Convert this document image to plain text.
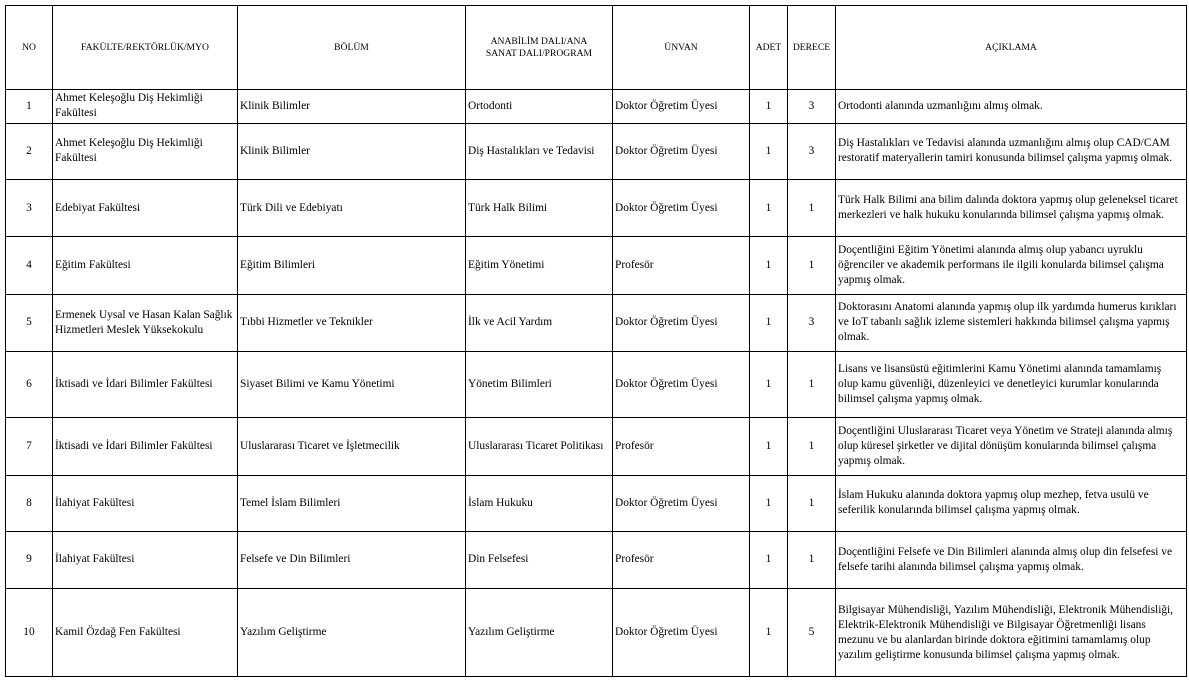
NO	FAKÜLTE/REKTÖRLÜK/MYO	BÖLÜM	ANABİLİM DALI/ANA SANAT DALI/PROGRAM	ÜNVAN	ADET	DERECE	AÇIKLAMA
1	Ahmet Keleşoğlu Diş Hekimliği Fakültesi	Klinik Bilimler	Ortodonti	Doktor Öğretim Üyesi	1	3	Ortodonti alanında uzmanlığını almış olmak.
2	Ahmet Keleşoğlu Diş Hekimliği Fakültesi	Klinik Bilimler	Diş Hastalıkları ve Tedavisi	Doktor Öğretim Üyesi	1	3	Diş Hastalıkları ve Tedavisi alanında uzmanlığını almış olup CAD/CAM restoratif materyallerin tamiri konusunda bilimsel çalışma yapmış olmak.
3	Edebiyat Fakültesi	Türk Dili ve Edebiyatı	Türk Halk Bilimi	Doktor Öğretim Üyesi	1	1	Türk Halk Bilimi ana bilim dalında doktora yapmış olup geleneksel ticaret merkezleri ve halk hukuku konularında bilimsel çalışma yapmış olmak.
4	Eğitim Fakültesi	Eğitim Bilimleri	Eğitim Yönetimi	Profesör	1	1	Doçentliğini Eğitim Yönetimi alanında almış olup yabancı uyruklu öğrenciler ve akademik performans ile ilgili konularda bilimsel çalışma yapmış olmak.
5	Ermenek Uysal ve Hasan Kalan Sağlık Hizmetleri Meslek Yüksekokulu	Tıbbi Hizmetler ve Teknikler	İlk ve Acil Yardım	Doktor Öğretim Üyesi	1	3	Doktorasını Anatomi alanında yapmış olup ilk yardımda humerus kırıkları ve IoT tabanlı sağlık izleme sistemleri hakkında bilimsel çalışma yapmış olmak.
6	İktisadi ve İdari Bilimler Fakültesi	Siyaset Bilimi ve Kamu Yönetimi	Yönetim Bilimleri	Doktor Öğretim Üyesi	1	1	Lisans ve lisansüstü eğitimlerini Kamu Yönetimi alanında tamamlamış olup kamu güvenliği, düzenleyici ve denetleyici kurumlar konularında bilimsel çalışma yapmış olmak.
7	İktisadi ve İdari Bilimler Fakültesi	Uluslararası Ticaret ve İşletmecilik	Uluslararası Ticaret Politikası	Profesör	1	1	Doçentliğini Uluslararası Ticaret veya Yönetim ve Strateji alanında almış olup küresel şirketler ve dijital dönüşüm konularında bilimsel çalışma yapmış olmak.
8	İlahiyat Fakültesi	Temel İslam Bilimleri	İslam Hukuku	Doktor Öğretim Üyesi	1	1	İslam Hukuku alanında doktora yapmış olup mezhep, fetva usulü ve seferilik konularında bilimsel çalışma yapmış olmak.
9	İlahiyat Fakültesi	Felsefe ve Din Bilimleri	Din Felsefesi	Profesör	1	1	Doçentliğini Felsefe ve Din Bilimleri alanında almış olup din felsefesi ve felsefe tarihi alanında bilimsel çalışma yapmış olmak.
10	Kamil Özdağ Fen Fakültesi	Yazılım Geliştirme	Yazılım Geliştirme	Doktor Öğretim Üyesi	1	5	Bilgisayar Mühendisliği, Yazılım Mühendisliği, Elektronik Mühendisliği, Elektrik-Elektronik Mühendisliği ve Bilgisayar Öğretmenliği lisans mezunu ve bu alanlardan birinde doktora eğitimini tamamlamış olup yazılım geliştirme konusunda bilimsel çalışma yapmış olmak.
